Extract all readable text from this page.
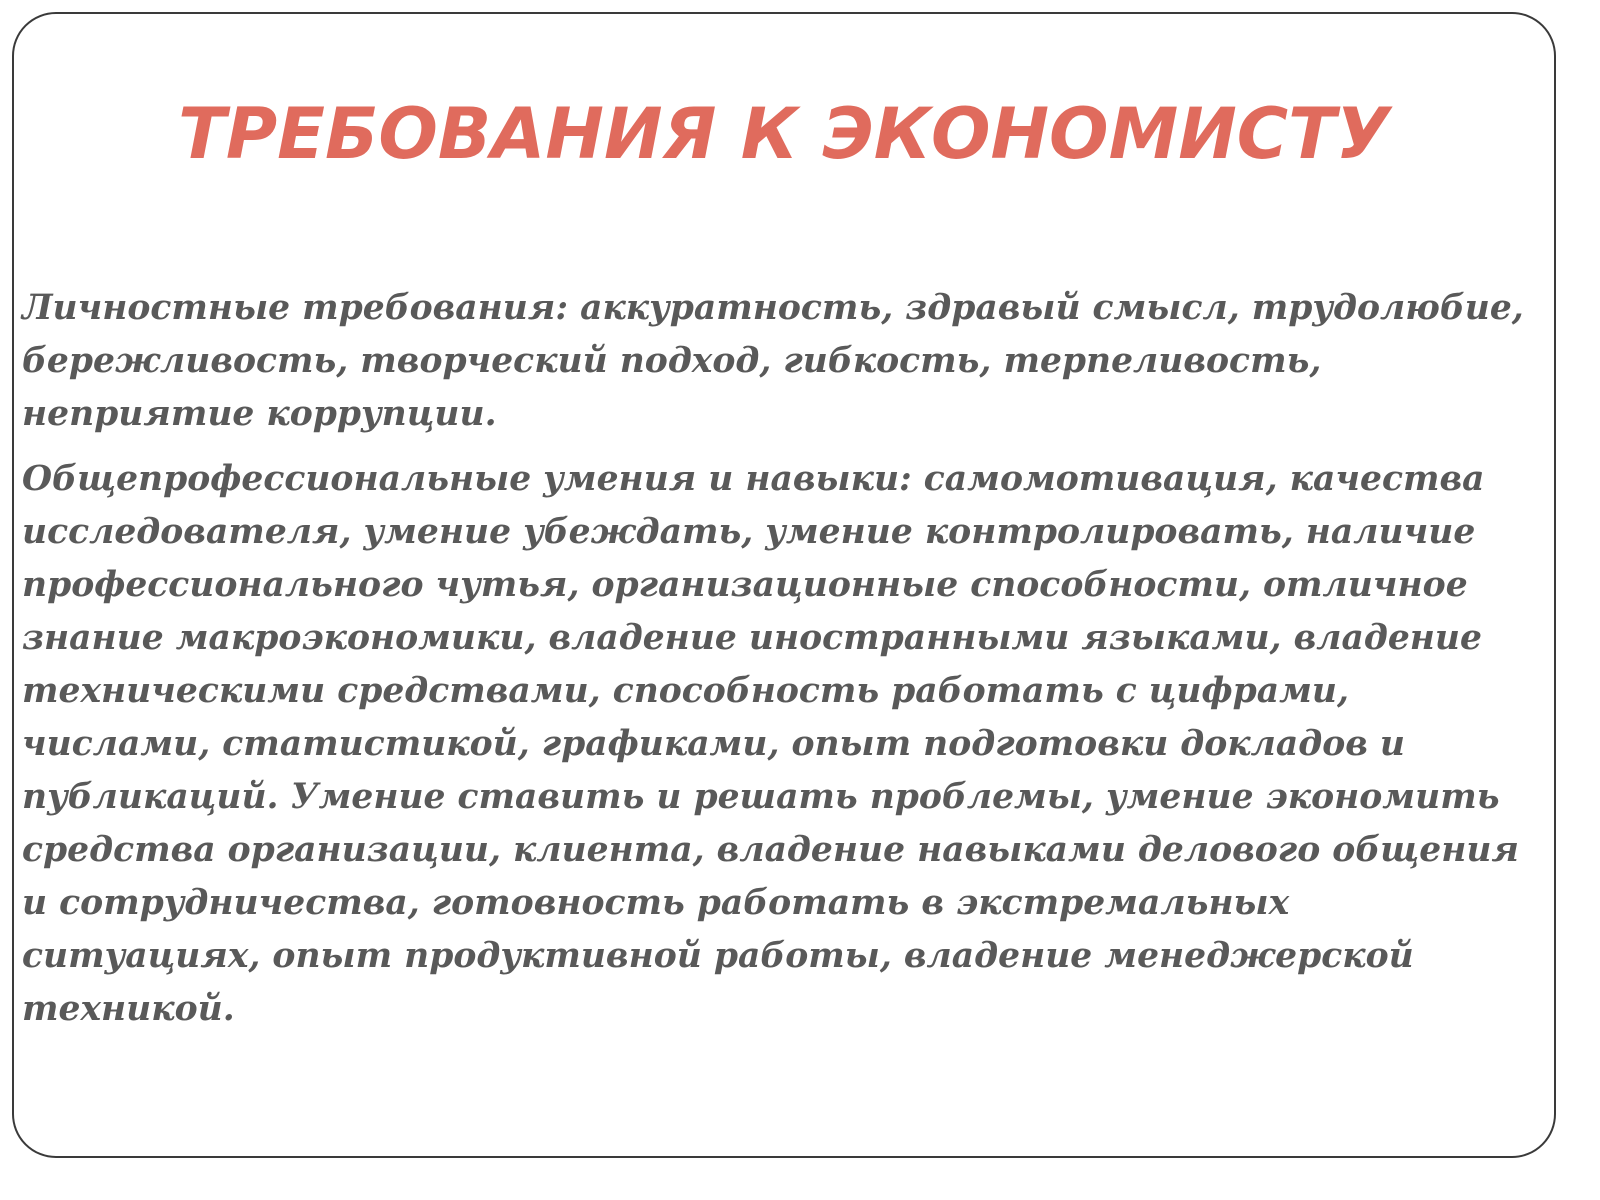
ТРЕБОВАНИЯ К ЭКОНОМИСТУ

Личностные требования: аккуратность, здравый смысл, трудолюбие, бережливость, творческий подход, гибкость, терпеливость, неприятие коррупции.

Общепрофессиональные умения и навыки: самомотивация, качества исследователя, умение убеждать, умение контролировать, наличие профессионального чутья, организационные способности, отличное знание макроэкономики, владение иностранными языками, владение техническими средствами, способность работать с цифрами, числами, статистикой, графиками, опыт подготовки докладов и публикаций. Умение ставить и решать проблемы, умение экономить средства организации, клиента, владение навыками делового общения и сотрудничества, готовность работать в экстремальных ситуациях, опыт продуктивной работы, владение менеджерской техникой.
